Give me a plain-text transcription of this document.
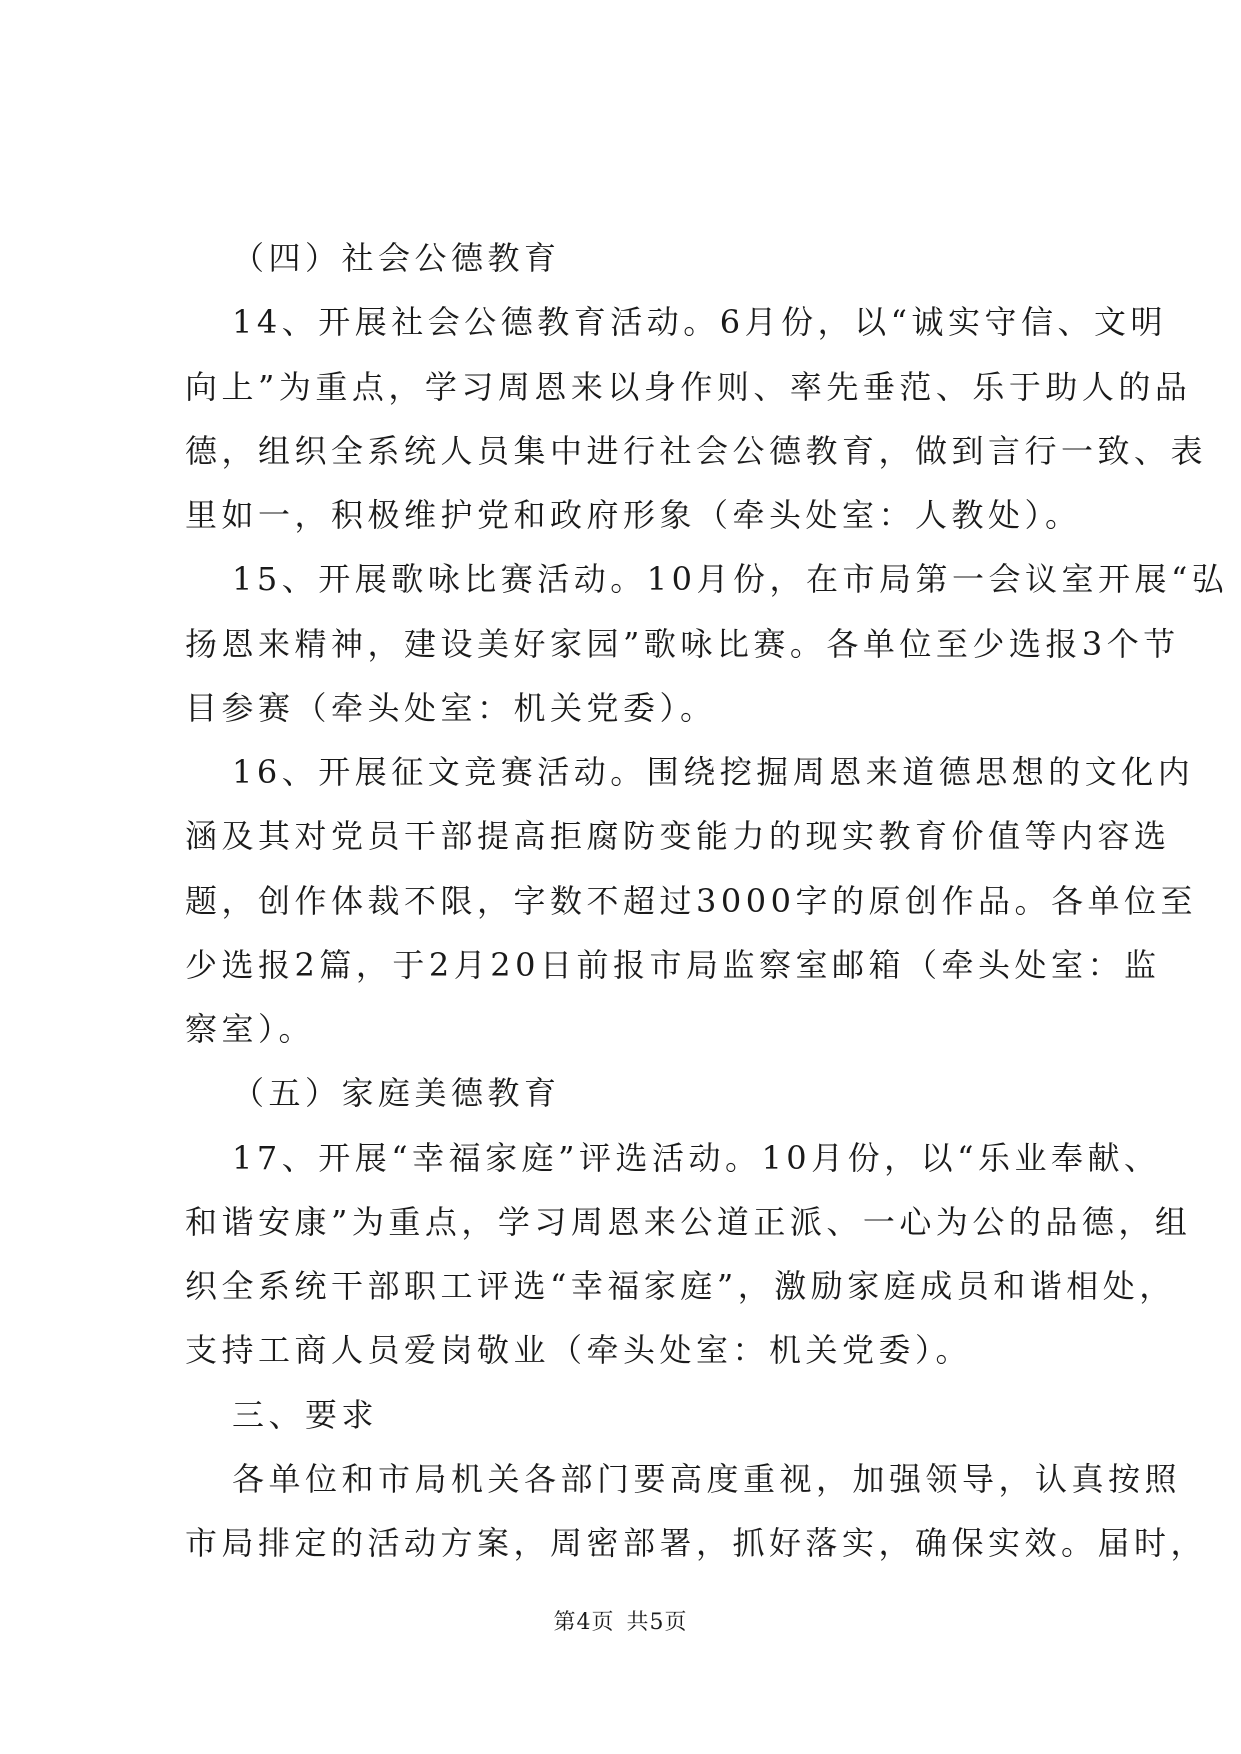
（四）社会公德教育
14、开展社会公德教育活动。6月份，以“诚实守信、文明
向上”为重点，学习周恩来以身作则、率先垂范、乐于助人的品
德，组织全系统人员集中进行社会公德教育，做到言行一致、表
里如一，积极维护党和政府形象（牵头处室：人教处）。
15、开展歌咏比赛活动。10月份，在市局第一会议室开展“弘
扬恩来精神，建设美好家园”歌咏比赛。各单位至少选报3个节
目参赛（牵头处室：机关党委）。
16、开展征文竞赛活动。围绕挖掘周恩来道德思想的文化内
涵及其对党员干部提高拒腐防变能力的现实教育价值等内容选
题，创作体裁不限，字数不超过3000字的原创作品。各单位至
少选报2篇，于2月20日前报市局监察室邮箱（牵头处室：监
察室）。
（五）家庭美德教育
17、开展“幸福家庭”评选活动。10月份，以“乐业奉献、
和谐安康”为重点，学习周恩来公道正派、一心为公的品德，组
织全系统干部职工评选“幸福家庭”，激励家庭成员和谐相处，
支持工商人员爱岗敬业（牵头处室：机关党委）。
三、要求
各单位和市局机关各部门要高度重视，加强领导，认真按照
市局排定的活动方案，周密部署，抓好落实，确保实效。届时，
第4页 共5页
